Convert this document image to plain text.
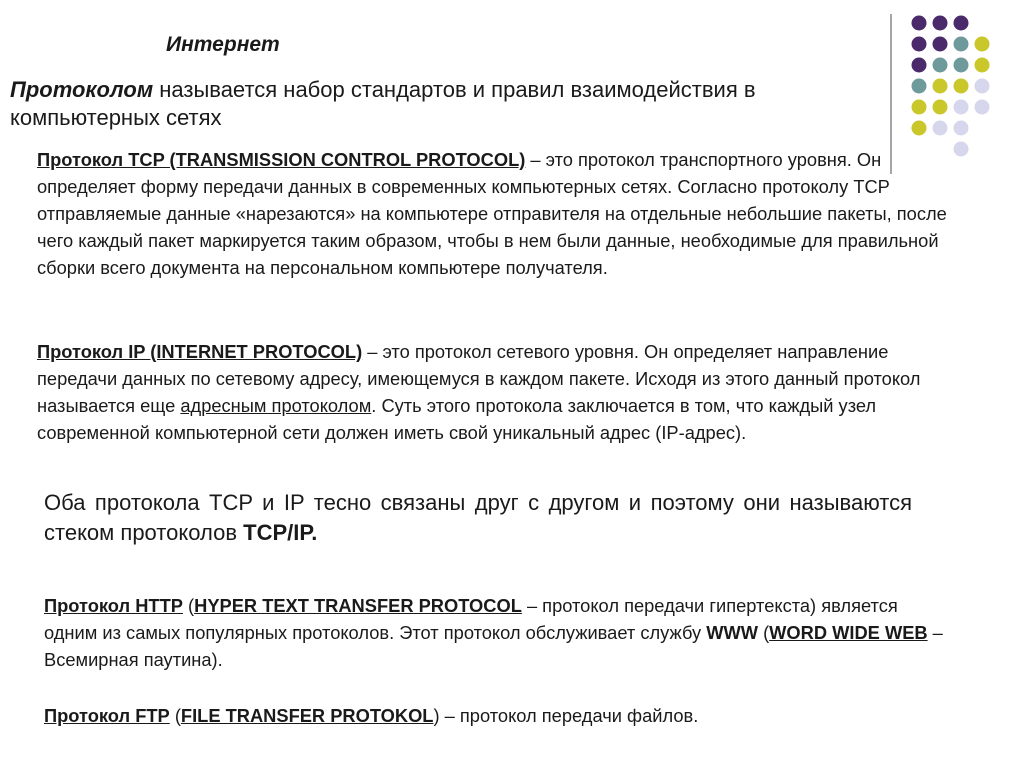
Интернет
Протоколом называется набор стандартов и правил взаимодействия в компьютерных сетях
Протокол TCP (TRANSMISSION CONTROL PROTOCOL) – это протокол транспортного уровня. Он определяет форму передачи данных в современных компьютерных сетях. Согласно протоколу TCP отправляемые данные «нарезаются» на компьютере отправителя на отдельные небольшие пакеты, после чего каждый пакет маркируется таким образом, чтобы в нем были данные, необходимые для правильной сборки всего документа на персональном компьютере получателя.
Протокол IP (INTERNET PROTOCOL) – это протокол сетевого уровня. Он определяет направление передачи данных по сетевому адресу, имеющемуся в каждом пакете. Исходя из этого данный протокол называется еще адресным протоколом. Суть этого протокола заключается в том, что каждый узел современной компьютерной сети должен иметь свой уникальный адрес (IP-адрес).
Оба протокола TCP и IP тесно связаны друг с другом и поэтому они называются стеком протоколов TCP/IP.
Протокол HTTP (HYPER TEXT TRANSFER PROTOCOL – протокол передачи гипертекста) является одним из самых популярных протоколов. Этот протокол обслуживает службу WWW (WORD WIDE WEB – Всемирная паутина).
Протокол FTP (FILE TRANSFER PROTOKOL) – протокол передачи файлов.
